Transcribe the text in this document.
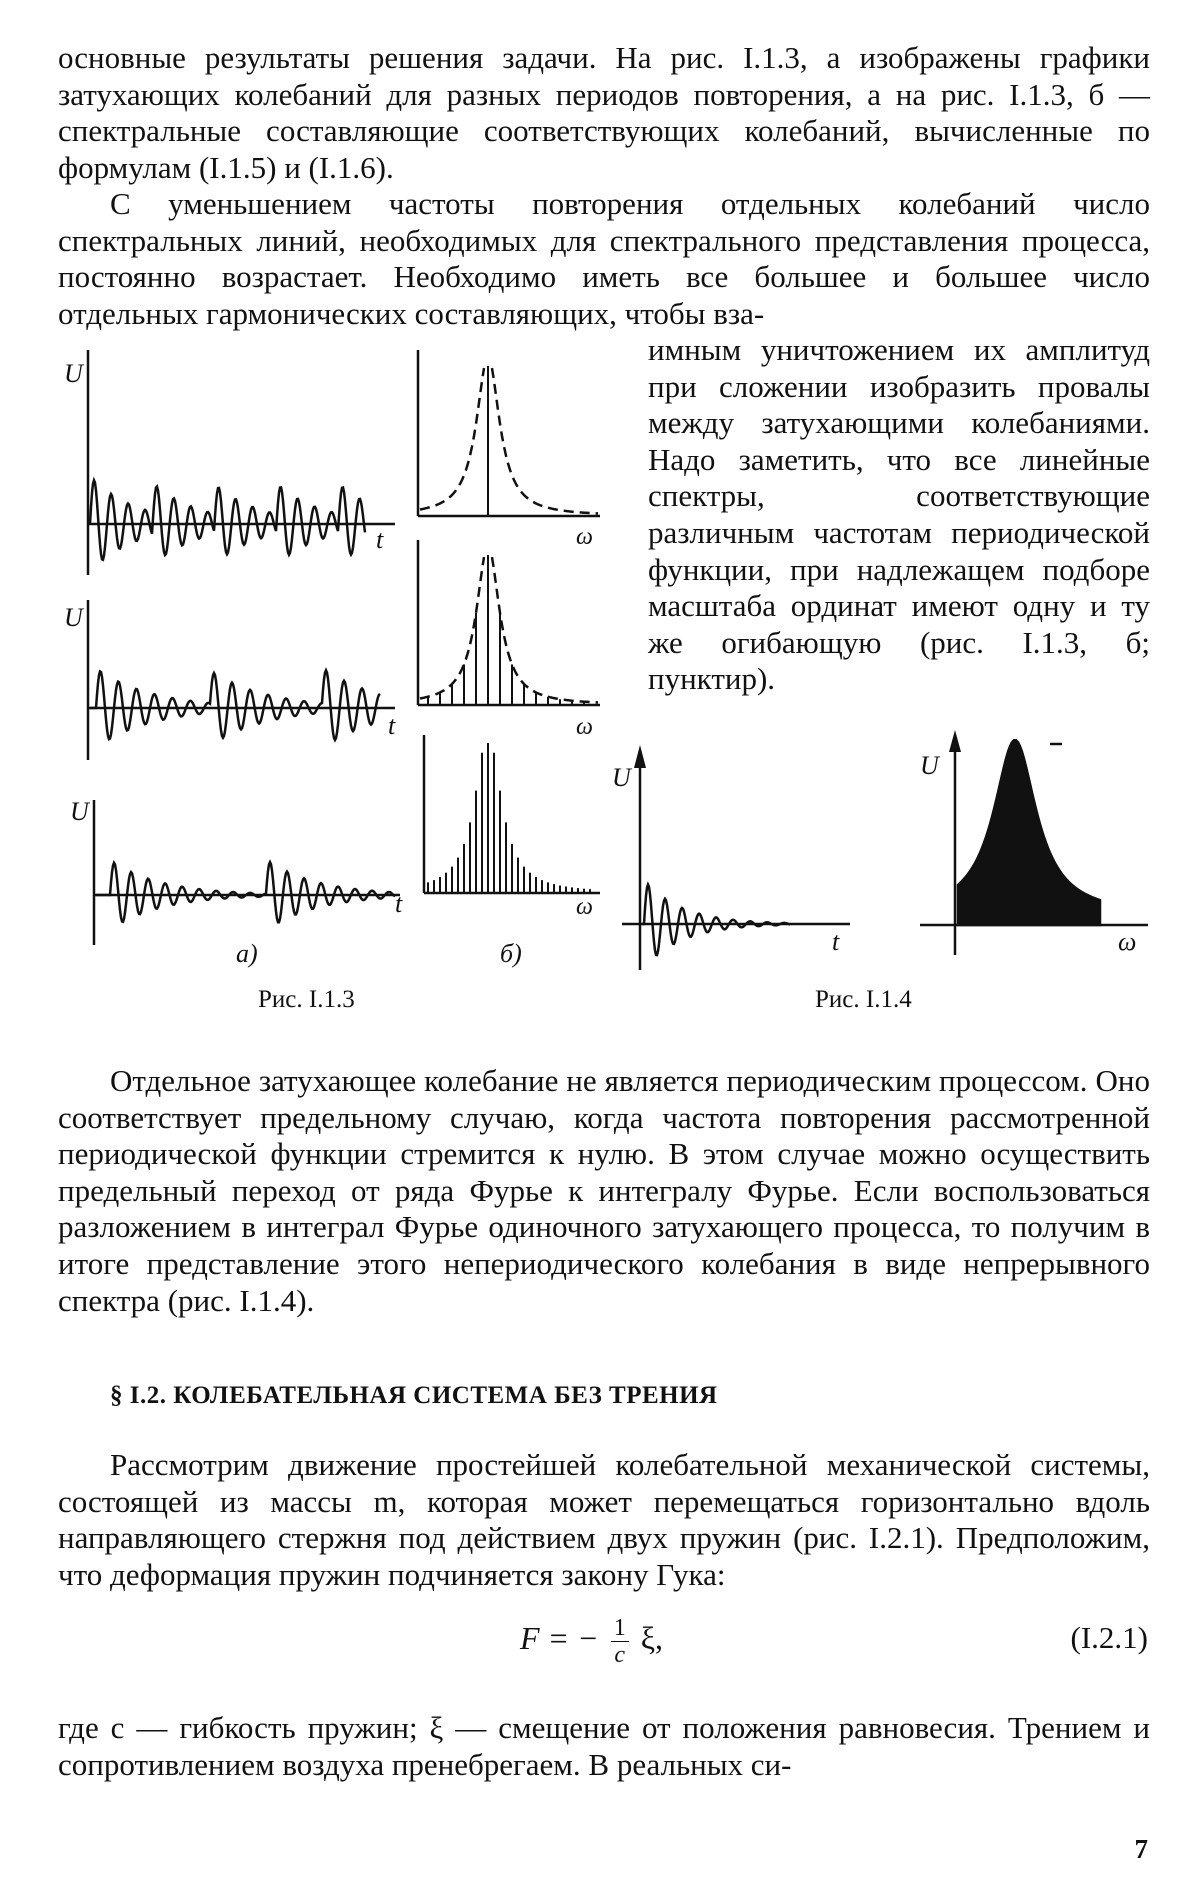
основные результаты решения задачи. На рис. I.1.3, а изображены графики затухающих колебаний для разных периодов повторения, а на рис. I.1.3, б — спектральные составляющие соответствующих колебаний, вычисленные по формулам (I.1.5) и (I.1.6).

С уменьшением частоты повторения отдельных колебаний число спектральных линий, необходимых для спектрального представления процесса, постоянно возрастает. Необходимо иметь все большее и большее число отдельных гармонических составляющих, чтобы вза-

имным уничтожением их амплитуд при сложении изобразить провалы между затухающими колебаниями. Надо заметить, что все линейные спектры, соответствующие различным частотам периодической функции, при надлежащем подборе масштаба ординат имеют одну и ту же огибающую (рис. I.1.3, б; пунктир).

U
t
U
t
U
t
ω
ω
ω
а)	б)
U
t
U
ω
Рис. I.1.3	Рис. I.1.4

Отдельное затухающее колебание не является периодическим процессом. Оно соответствует предельному случаю, когда частота повторения рассмотренной периодической функции стремится к нулю. В этом случае можно осуществить предельный переход от ряда Фурье к интегралу Фурье. Если воспользоваться разложением в интеграл Фурье одиночного затухающего процесса, то получим в итоге представление этого непериодического колебания в виде непрерывного спектра (рис. I.1.4).

§ I.2. КОЛЕБАТЕЛЬНАЯ СИСТЕМА БЕЗ ТРЕНИЯ

Рассмотрим движение простейшей колебательной механической системы, состоящей из массы m, которая может перемещаться горизонтально вдоль направляющего стержня под действием двух пружин (рис. I.2.1). Предположим, что деформация пружин подчиняется закону Гука:

F = − $\frac{1}{c} \xi$,	(I.2.1)

где c — гибкость пружин; ξ — смещение от положения равновесия. Трением и сопротивлением воздуха пренебрегаем. В реальных си-

7
